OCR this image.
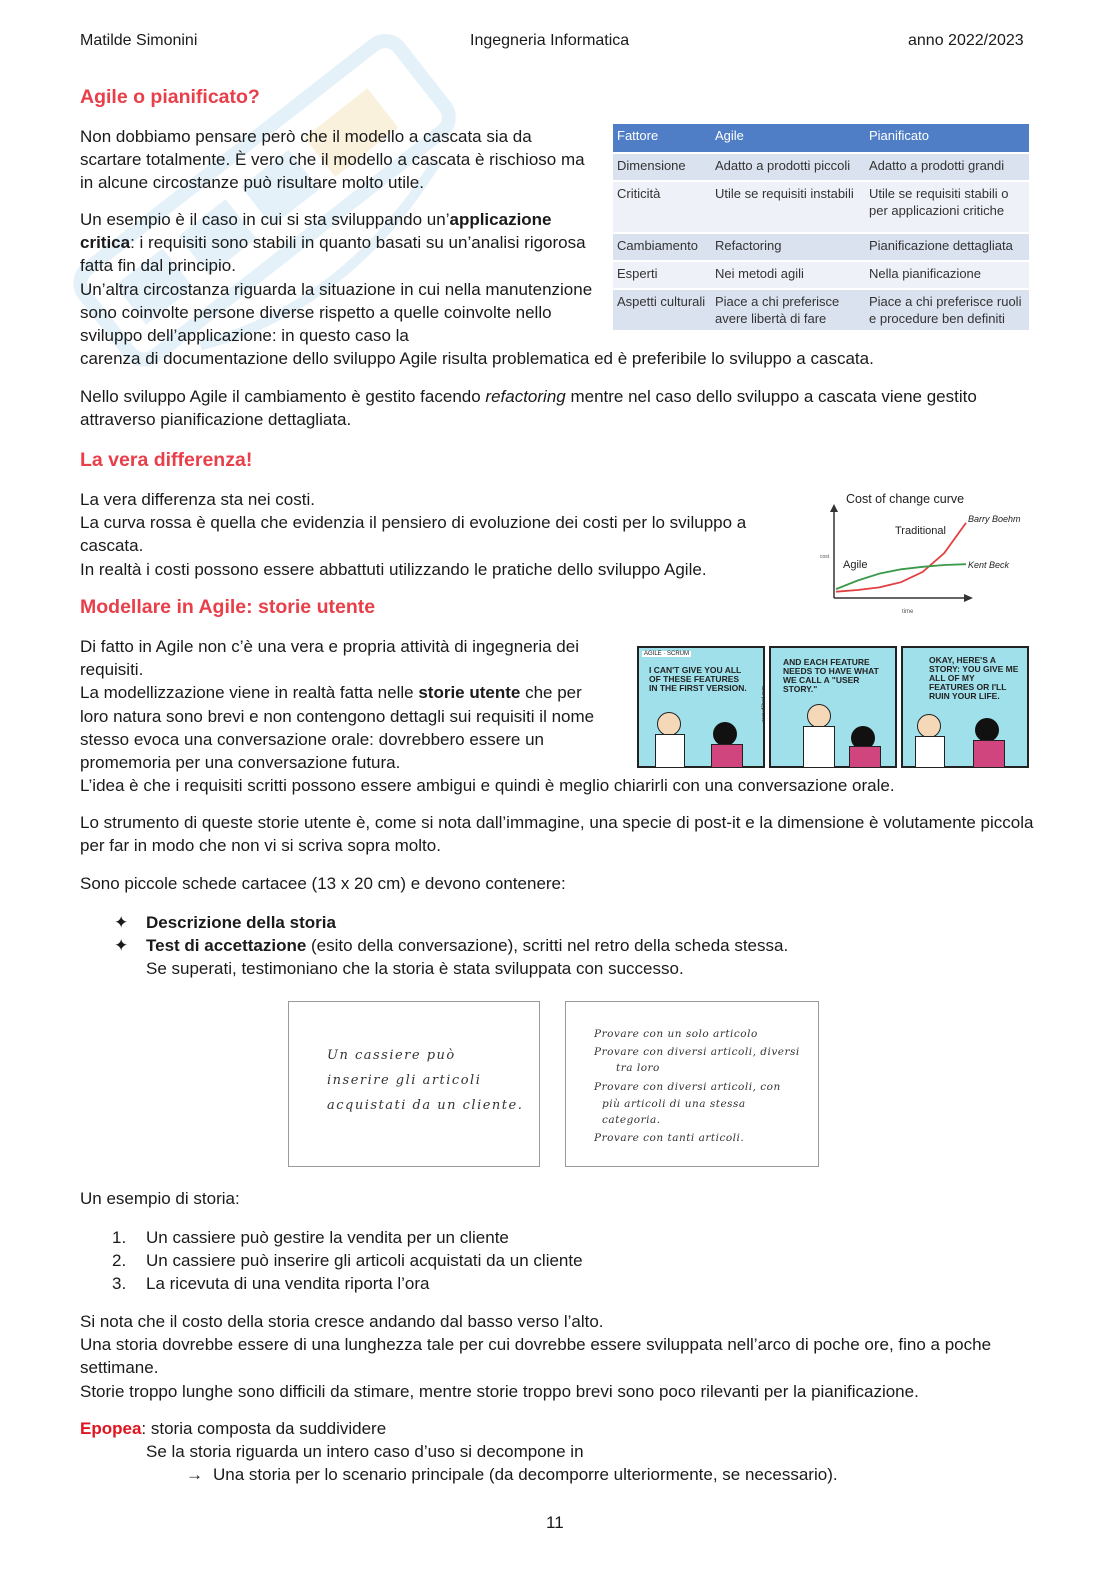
Matilde Simonini	Ingegneria Informatica	anno 2022/2023
Agile o pianificato?
Non dobbiamo pensare però che il modello a cascata sia da scartare totalmente. È vero che il modello a cascata è rischioso ma in alcune circostanze può risultare molto utile.
Un esempio è il caso in cui si sta sviluppando un’applicazione critica: i requisiti sono stabili in quanto basati su un’analisi rigorosa fatta fin dal principio.
Un’altra circostanza riguarda la situazione in cui nella manutenzione sono coinvolte persone diverse rispetto a quelle coinvolte nello sviluppo dell’applicazione: in questo caso la
carenza di documentazione dello sviluppo Agile risulta problematica ed è preferibile lo sviluppo a cascata.
Nello sviluppo Agile il cambiamento è gestito facendo refactoring mentre nel caso dello sviluppo a cascata viene gestito attraverso pianificazione dettagliata.
Fattore	Agile	Pianificato
Dimensione	Adatto a prodotti piccoli	Adatto a prodotti grandi
Criticità	Utile se requisiti instabili	Utile se requisiti stabili o per applicazioni critiche
Cambiamento	Refactoring	Pianificazione dettagliata
Esperti	Nei metodi agili	Nella pianificazione
Aspetti culturali	Piace a chi preferisce avere libertà di fare	Piace a chi preferisce ruoli e procedure ben definiti
La vera differenza!
La vera differenza sta nei costi.
La curva rossa è quella che evidenzia il pensiero di evoluzione dei costi per lo sviluppo a cascata.
In realtà i costi possono essere abbattuti utilizzando le pratiche dello sviluppo Agile.
Cost of change curve
Traditional
Agile
Barry Boehm
Kent Beck
cost
time
Modellare in Agile: storie utente
Di fatto in Agile non c’è una vera e propria attività di ingegneria dei requisiti.
La modellizzazione viene in realtà fatta nelle storie utente che per loro natura sono brevi e non contengono dettagli sui requisiti il nome stesso evoca una conversazione orale: dovrebbero essere un promemoria per una conversazione futura.
L’idea è che i requisiti scritti possono essere ambigui e quindi è meglio chiarirli con una conversazione orale.
AGILE · SCRUM
I CAN'T GIVE YOU ALL OF THESE FEATURES IN THE FIRST VERSION.
AND EACH FEATURE NEEDS TO HAVE WHAT WE CALL A "USER STORY."
OKAY, HERE'S A STORY: YOU GIVE ME ALL OF MY FEATURES OR I'LL RUIN YOUR LIFE.
www.dilbert.com
Lo strumento di queste storie utente è, come si nota dall’immagine, una specie di post-it e la dimensione è volutamente piccola per far in modo che non vi si scriva sopra molto.
Sono piccole schede cartacee (13 x 20 cm) e devono contenere:
✦ Descrizione della storia
✦ Test di accettazione (esito della conversazione), scritti nel retro della scheda stessa.
Se superati, testimoniano che la storia è stata sviluppata con successo.
Un cassiere può
inserire gli articoli
acquistati da un cliente.
Provare con un solo articolo
Provare con diversi articoli, diversi
tra loro
Provare con diversi articoli, con
più articoli di una stessa
categoria.
Provare con tanti articoli.
Un esempio di storia:
1. Un cassiere può gestire la vendita per un cliente
2. Un cassiere può inserire gli articoli acquistati da un cliente
3. La ricevuta di una vendita riporta l’ora
Si nota che il costo della storia cresce andando dal basso verso l’alto.
Una storia dovrebbe essere di una lunghezza tale per cui dovrebbe essere sviluppata nell’arco di poche ore, fino a poche settimane.
Storie troppo lunghe sono difficili da stimare, mentre storie troppo brevi sono poco rilevanti per la pianificazione.
Epopea: storia composta da suddividere
Se la storia riguarda un intero caso d’uso si decompone in
→ Una storia per lo scenario principale (da decomporre ulteriormente, se necessario).
11
